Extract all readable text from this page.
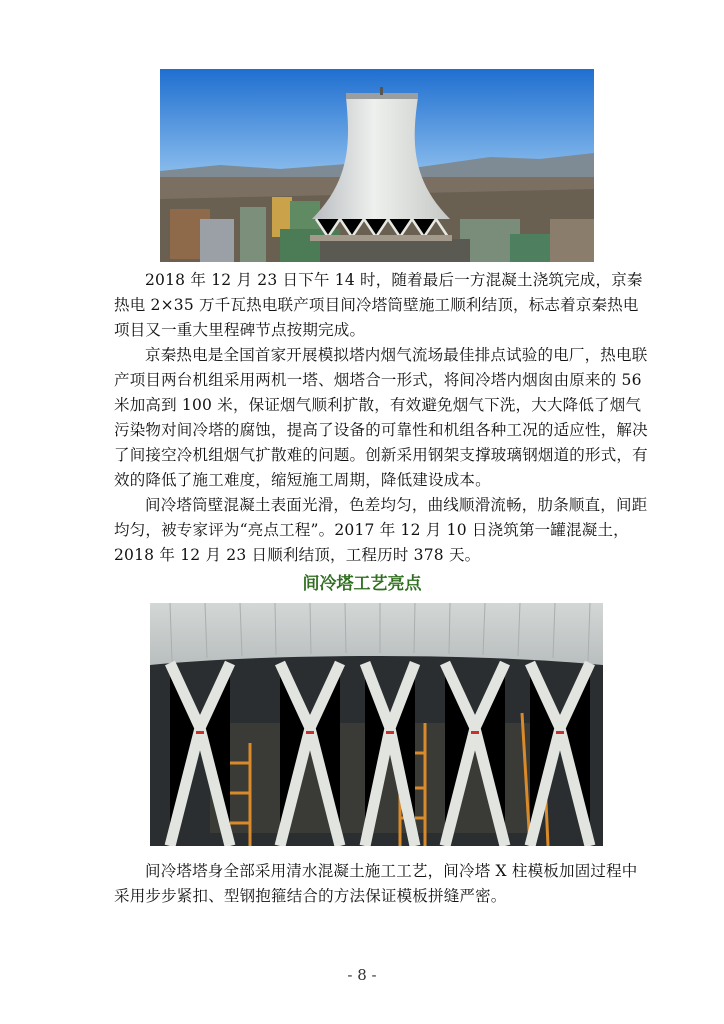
2018 年 12 月 23 日下午 14 时，随着最后一方混凝土浇筑完成，京秦热电 2×35 万千瓦热电联产项目间冷塔筒壁施工顺利结顶，标志着京秦热电项目又一重大里程碑节点按期完成。

京秦热电是全国首家开展模拟塔内烟气流场最佳排点试验的电厂，热电联产项目两台机组采用两机一塔、烟塔合一形式，将间冷塔内烟囱由原来的 56 米加高到 100 米，保证烟气顺利扩散，有效避免烟气下洗，大大降低了烟气污染物对间冷塔的腐蚀，提高了设备的可靠性和机组各种工况的适应性，解决了间接空冷机组烟气扩散难的问题。创新采用钢架支撑玻璃钢烟道的形式，有效的降低了施工难度，缩短施工周期，降低建设成本。

间冷塔筒壁混凝土表面光滑，色差均匀，曲线顺滑流畅，肋条顺直，间距均匀，被专家评为“亮点工程”。2017 年 12 月 10 日浇筑第一罐混凝土，2018 年 12 月 23 日顺利结顶，工程历时 378 天。

间冷塔工艺亮点

间冷塔塔身全部采用清水混凝土施工工艺，间冷塔 X 柱模板加固过程中采用步步紧扣、型钢抱箍结合的方法保证模板拼缝严密。

- 8 -
